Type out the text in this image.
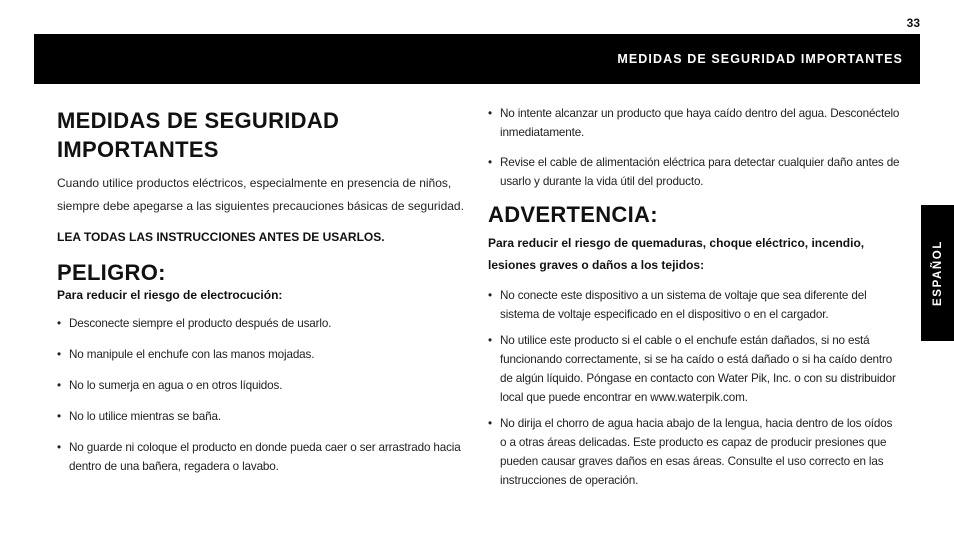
33
MEDIDAS DE SEGURIDAD IMPORTANTES
ESPAÑOL
MEDIDAS DE SEGURIDAD IMPORTANTES

Cuando utilice productos eléctricos, especialmente en presencia de niños, siempre debe apegarse a las siguientes precauciones básicas de seguridad.

LEA TODAS LAS INSTRUCCIONES ANTES DE USARLOS.

PELIGRO:

Para reducir el riesgo de electrocución:

• Desconecte siempre el producto después de usarlo.
• No manipule el enchufe con las manos mojadas.
• No lo sumerja en agua o en otros líquidos.
• No lo utilice mientras se baña.
• No guarde ni coloque el producto en donde pueda caer o ser arrastrado hacia dentro de una bañera, regadera o lavabo.
• No intente alcanzar un producto que haya caído dentro del agua. Desconéctelo inmediatamente.
• Revise el cable de alimentación eléctrica para detectar cualquier daño antes de usarlo y durante la vida útil del producto.
ADVERTENCIA:

Para reducir el riesgo de quemaduras, choque eléctrico, incendio, lesiones graves o daños a los tejidos:

• No conecte este dispositivo a un sistema de voltaje que sea diferente del sistema de voltaje especificado en el dispositivo o en el cargador.
• No utilice este producto si el cable o el enchufe están dañados, si no está funcionando correctamente, si se ha caído o está dañado o si ha caído dentro de algún líquido. Póngase en contacto con Water Pik, Inc. o con su distribuidor local que puede encontrar en www.waterpik.com.
• No dirija el chorro de agua hacia abajo de la lengua, hacia dentro de los oídos o a otras áreas delicadas. Este producto es capaz de producir presiones que pueden causar graves daños en esas áreas. Consulte el uso correcto en las instrucciones de operación.
